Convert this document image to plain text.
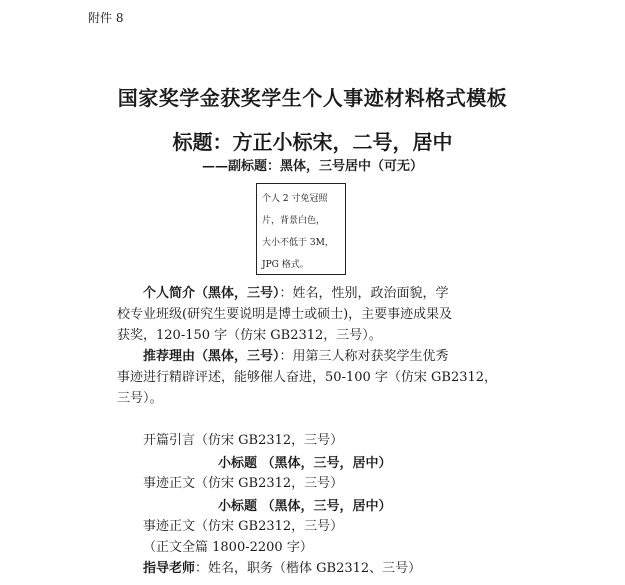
附件 8
国家奖学金获奖学生个人事迹材料格式模板
标题：方正小标宋，二号，居中
——副标题：黑体，三号居中（可无）
个人 2 寸免冠照
片，背景白色，
大小不低于 3M，
JPG 格式。
个人简介（黑体，三号）：姓名，性别，政治面貌，学
校专业班级(研究生要说明是博士或硕士)，主要事迹成果及
获奖，120-150 字（仿宋 GB2312，三号）。
推荐理由（黑体，三号）：用第三人称对获奖学生优秀
事迹进行精辟评述，能够催人奋进，50-100 字（仿宋 GB2312，
三号）。
开篇引言（仿宋 GB2312，三号）
小标题 （黑体，三号，居中）
事迹正文（仿宋 GB2312，三号）
小标题 （黑体，三号，居中）
事迹正文（仿宋 GB2312，三号）
（正文全篇 1800-2200 字）
指导老师：姓名，职务（楷体 GB2312、三号）
